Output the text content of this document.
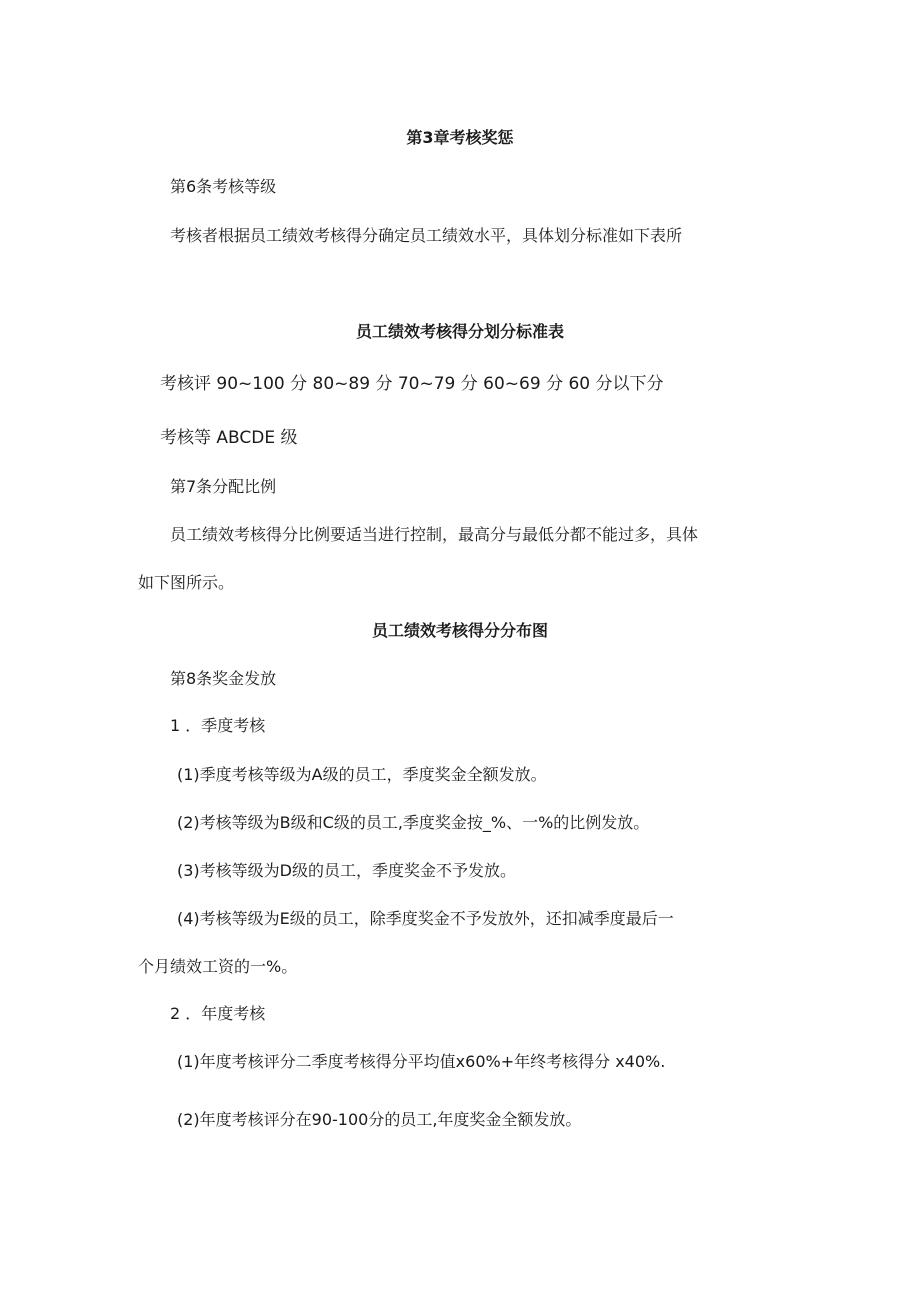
第3章考核奖惩
第6条考核等级
考核者根据员工绩效考核得分确定员工绩效水平，具体划分标准如下表所
员工绩效考核得分划分标准表
考核评 90~100 分 80~89 分 70~79 分 60~69 分 60 分以下分
考核等 ABCDE 级
第7条分配比例
员工绩效考核得分比例要适当进行控制，最高分与最低分都不能过多，具体
如下图所示。
员工绩效考核得分分布图
第8条奖金发放
1 ．季度考核
(1)季度考核等级为A级的员工，季度奖金全额发放。
(2)考核等级为B级和C级的员工,季度奖金按_%、一%的比例发放。
(3)考核等级为D级的员工，季度奖金不予发放。
(4)考核等级为E级的员工，除季度奖金不予发放外，还扣减季度最后一
个月绩效工资的一%。
2 ．年度考核
(1)年度考核评分二季度考核得分平均值x60%+年终考核得分 x40%.
(2)年度考核评分在90-100分的员工,年度奖金全额发放。
